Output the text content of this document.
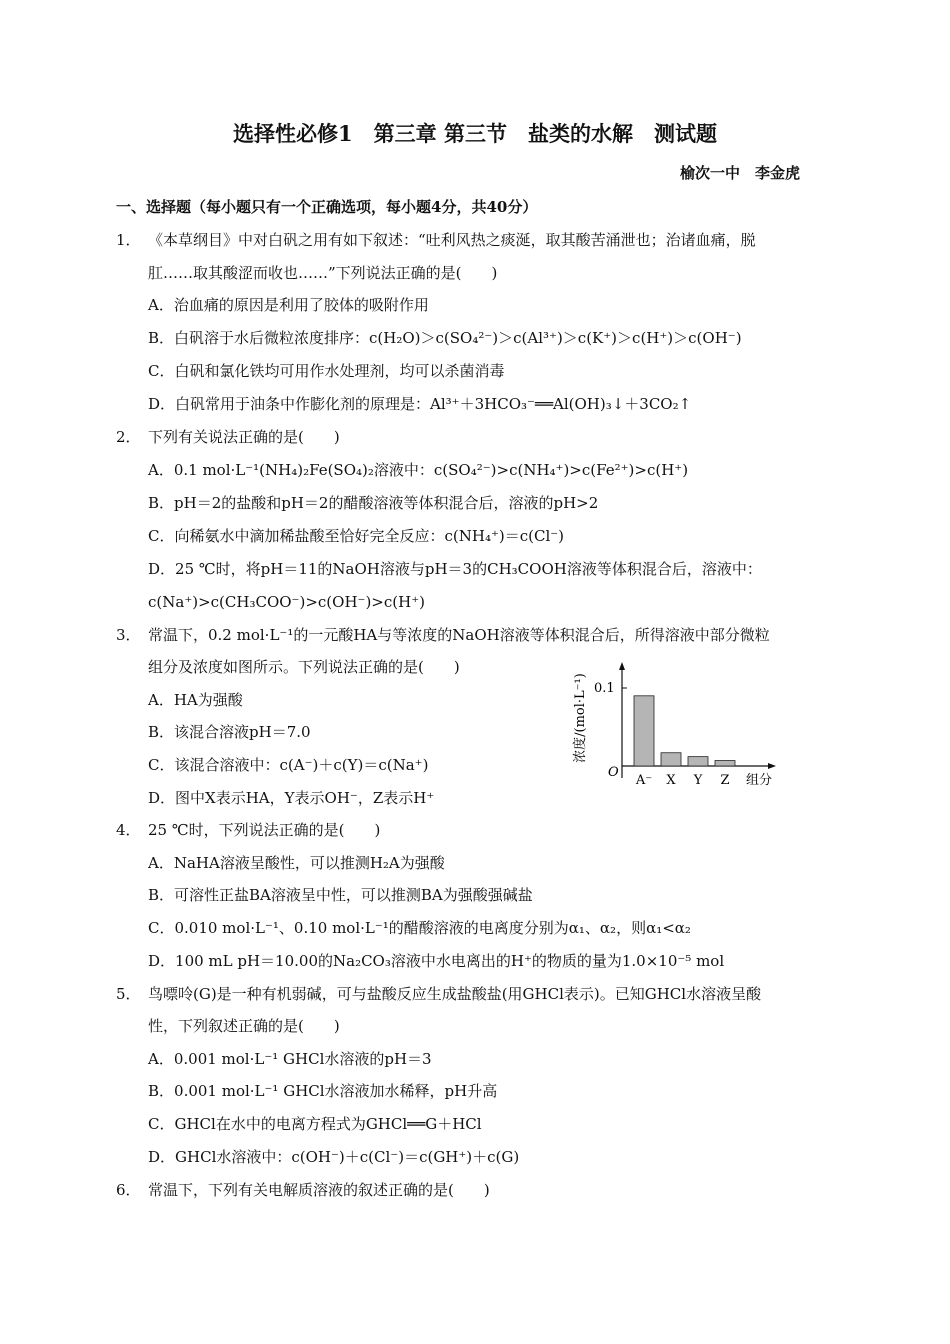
选择性必修1　第三章 第三节　盐类的水解　测试题
榆次一中　李金虎
一、选择题（每小题只有一个正确选项，每小题4分，共40分）
1． 《本草纲目》中对白矾之用有如下叙述：“吐利风热之痰涎，取其酸苦涌泄也；治诸血痛，脱
肛……取其酸涩而收也……”下列说法正确的是(　　)
A．治血痛的原因是利用了胶体的吸附作用
B．白矾溶于水后微粒浓度排序：c(H₂O)＞c(SO₄²⁻)＞c(Al³⁺)＞c(K⁺)＞c(H⁺)＞c(OH⁻)
C．白矾和氯化铁均可用作水处理剂，均可以杀菌消毒
D．白矾常用于油条中作膨化剂的原理是：Al³⁺＋3HCO₃⁻══Al(OH)₃↓＋3CO₂↑
2． 下列有关说法正确的是(　　)
A．0.1 mol·L⁻¹(NH₄)₂Fe(SO₄)₂溶液中：c(SO₄²⁻)>c(NH₄⁺)>c(Fe²⁺)>c(H⁺)
B．pH＝2的盐酸和pH＝2的醋酸溶液等体积混合后，溶液的pH>2
C．向稀氨水中滴加稀盐酸至恰好完全反应：c(NH₄⁺)＝c(Cl⁻)
D．25 ℃时，将pH＝11的NaOH溶液与pH＝3的CH₃COOH溶液等体积混合后，溶液中：
c(Na⁺)>c(CH₃COO⁻)>c(OH⁻)>c(H⁺)
3． 常温下，0.2 mol·L⁻¹的一元酸HA与等浓度的NaOH溶液等体积混合后，所得溶液中部分微粒
组分及浓度如图所示。下列说法正确的是(　　)
A．HA为强酸
B．该混合溶液pH＝7.0
C．该混合溶液中：c(A⁻)＋c(Y)＝c(Na⁺)
D．图中X表示HA，Y表示OH⁻，Z表示H⁺
浓度/(mol·L⁻¹)
O
0.1
A⁻ X Y Z 组分
4． 25 ℃时，下列说法正确的是(　　)
A．NaHA溶液呈酸性，可以推测H₂A为强酸
B．可溶性正盐BA溶液呈中性，可以推测BA为强酸强碱盐
C．0.010 mol·L⁻¹、0.10 mol·L⁻¹的醋酸溶液的电离度分别为α₁、α₂，则α₁<α₂
D．100 mL pH＝10.00的Na₂CO₃溶液中水电离出的H⁺的物质的量为1.0×10⁻⁵ mol
5． 鸟嘌呤(G)是一种有机弱碱，可与盐酸反应生成盐酸盐(用GHCl表示)。已知GHCl水溶液呈酸
性，下列叙述正确的是(　　)
A．0.001 mol·L⁻¹ GHCl水溶液的pH＝3
B．0.001 mol·L⁻¹ GHCl水溶液加水稀释，pH升高
C．GHCl在水中的电离方程式为GHCl══G＋HCl
D．GHCl水溶液中：c(OH⁻)＋c(Cl⁻)＝c(GH⁺)＋c(G)
6． 常温下，下列有关电解质溶液的叙述正确的是(　　)
